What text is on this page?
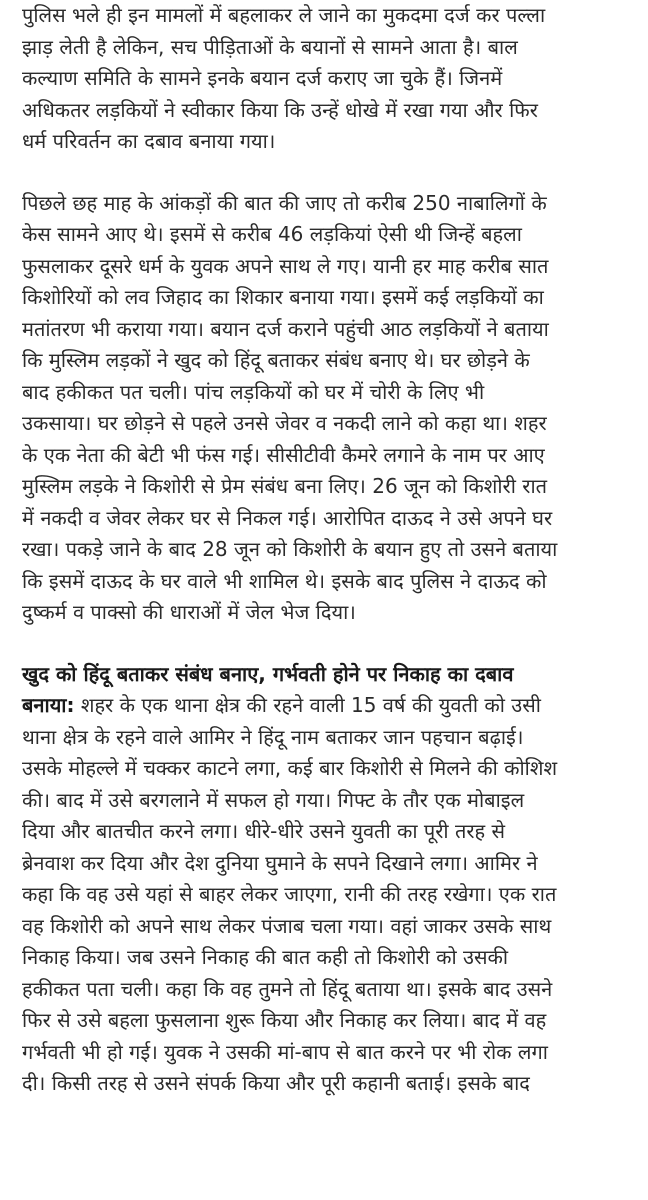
पुलिस भले ही इन मामलों में बहलाकर ले जाने का मुकदमा दर्ज कर पल्ला
झाड़ लेती है लेकिन, सच पीड़िताओं के बयानों से सामने आता है। बाल
कल्याण समिति के सामने इनके बयान दर्ज कराए जा चुके हैं। जिनमें
अधिकतर लड़कियों ने स्वीकार किया कि उन्हें धोखे में रखा गया और फिर
धर्म परिवर्तन का दबाव बनाया गया।

पिछले छह माह के आंकड़ों की बात की जाए तो करीब 250 नाबालिगों के
केस सामने आए थे। इसमें से करीब 46 लड़कियां ऐसी थी जिन्हें बहला
फुसलाकर दूसरे धर्म के युवक अपने साथ ले गए। यानी हर माह करीब सात
किशोरियों को लव जिहाद का शिकार बनाया गया। इसमें कई लड़कियों का
मतांतरण भी कराया गया। बयान दर्ज कराने पहुंची आठ लड़कियों ने बताया
कि मुस्लिम लड़कों ने खुद को हिंदू बताकर संबंध बनाए थे। घर छोड़ने के
बाद हकीकत पत चली। पांच लड़कियों को घर में चोरी के लिए भी
उकसाया। घर छोड़ने से पहले उनसे जेवर व नकदी लाने को कहा था। शहर
के एक नेता की बेटी भी फंस गई। सीसीटीवी कैमरे लगाने के नाम पर आए
मुस्लिम लड़के ने किशोरी से प्रेम संबंध बना लिए। 26 जून को किशोरी रात
में नकदी व जेवर लेकर घर से निकल गई। आरोपित दाऊद ने उसे अपने घर
रखा। पकड़े जाने के बाद 28 जून को किशोरी के बयान हुए तो उसने बताया
कि इसमें दाऊद के घर वाले भी शामिल थे। इसके बाद पुलिस ने दाऊद को
दुष्कर्म व पाक्सो की धाराओं में जेल भेज दिया।

खुद को हिंदू बताकर संबंध बनाए, गर्भवती होने पर निकाह का दबाव
बनाया: शहर के एक थाना क्षेत्र की रहने वाली 15 वर्ष की युवती को उसी
थाना क्षेत्र के रहने वाले आमिर ने हिंदू नाम बताकर जान पहचान बढ़ाई।
उसके मोहल्ले में चक्कर काटने लगा, कई बार किशोरी से मिलने की कोशिश
की। बाद में उसे बरगलाने में सफल हो गया। गिफ्ट के तौर एक मोबाइल
दिया और बातचीत करने लगा। धीरे-धीरे उसने युवती का पूरी तरह से
ब्रेनवाश कर दिया और देश दुनिया घुमाने के सपने दिखाने लगा। आमिर ने
कहा कि वह उसे यहां से बाहर लेकर जाएगा, रानी की तरह रखेगा। एक रात
वह किशोरी को अपने साथ लेकर पंजाब चला गया। वहां जाकर उसके साथ
निकाह किया। जब उसने निकाह की बात कही तो किशोरी को उसकी
हकीकत पता चली। कहा कि वह तुमने तो हिंदू बताया था। इसके बाद उसने
फिर से उसे बहला फुसलाना शुरू किया और निकाह कर लिया। बाद में वह
गर्भवती भी हो गई। युवक ने उसकी मां-बाप से बात करने पर भी रोक लगा
दी। किसी तरह से उसने संपर्क किया और पूरी कहानी बताई। इसके बाद
